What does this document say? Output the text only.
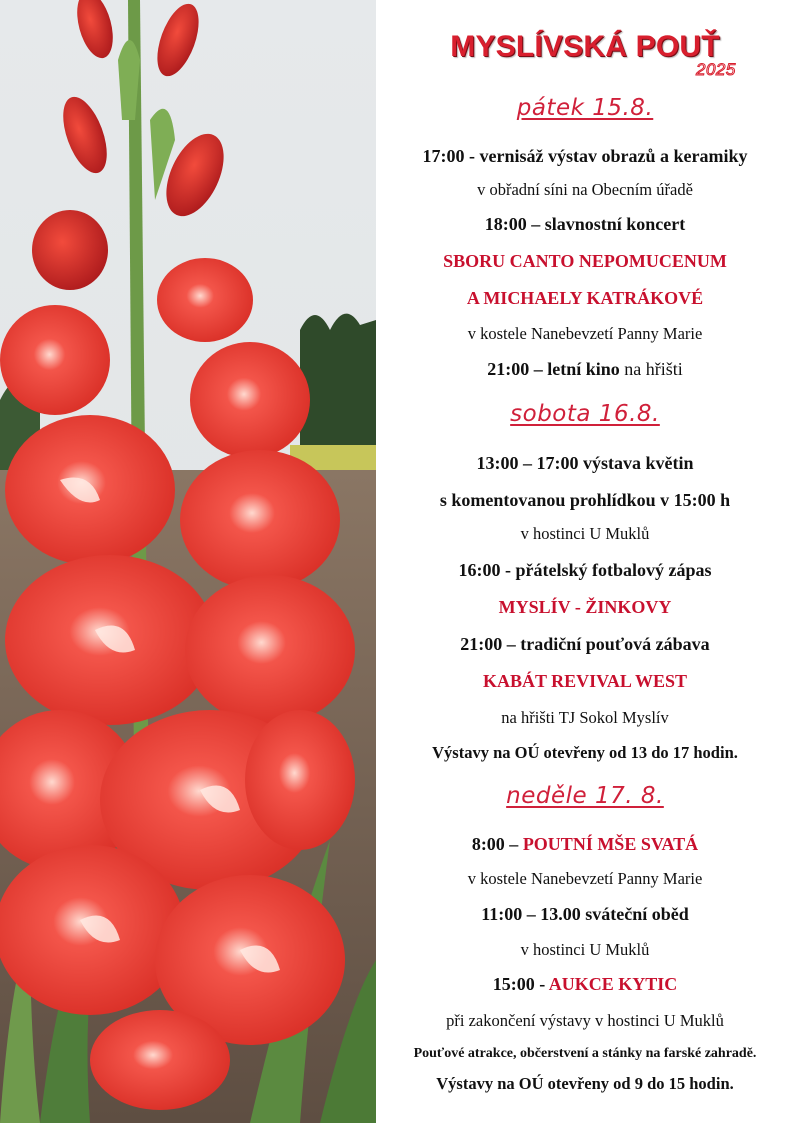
MYSLÍVSKÁ POUŤ
2025
pátek 15.8.
17:00 - vernisáž výstav obrazů a keramiky
v obřadní síni na Obecním úřadě
18:00 – slavnostní koncert
SBORU CANTO NEPOMUCENUM
A MICHAELY KATRÁKOVÉ
v kostele Nanebevzetí Panny Marie
21:00 – letní kino na hřišti
sobota 16.8.
13:00 – 17:00 výstava květin
s komentovanou prohlídkou v 15:00 h
v hostinci U Muklů
16:00 - přátelský fotbalový zápas
MYSLÍV - ŽINKOVY
21:00 – tradiční pouťová zábava
KABÁT REVIVAL WEST
na hřišti TJ Sokol Myslív
Výstavy na OÚ otevřeny od 13 do 17 hodin.
neděle 17. 8.
8:00 – POUTNÍ MŠE SVATÁ
v kostele Nanebevzetí Panny Marie
11:00 – 13.00 sváteční oběd
v hostinci U Muklů
15:00 - AUKCE KYTIC
při zakončení výstavy v hostinci U Muklů
Pouťové atrakce, občerstvení a stánky na farské zahradě.
Výstavy na OÚ otevřeny od 9 do 15 hodin.
